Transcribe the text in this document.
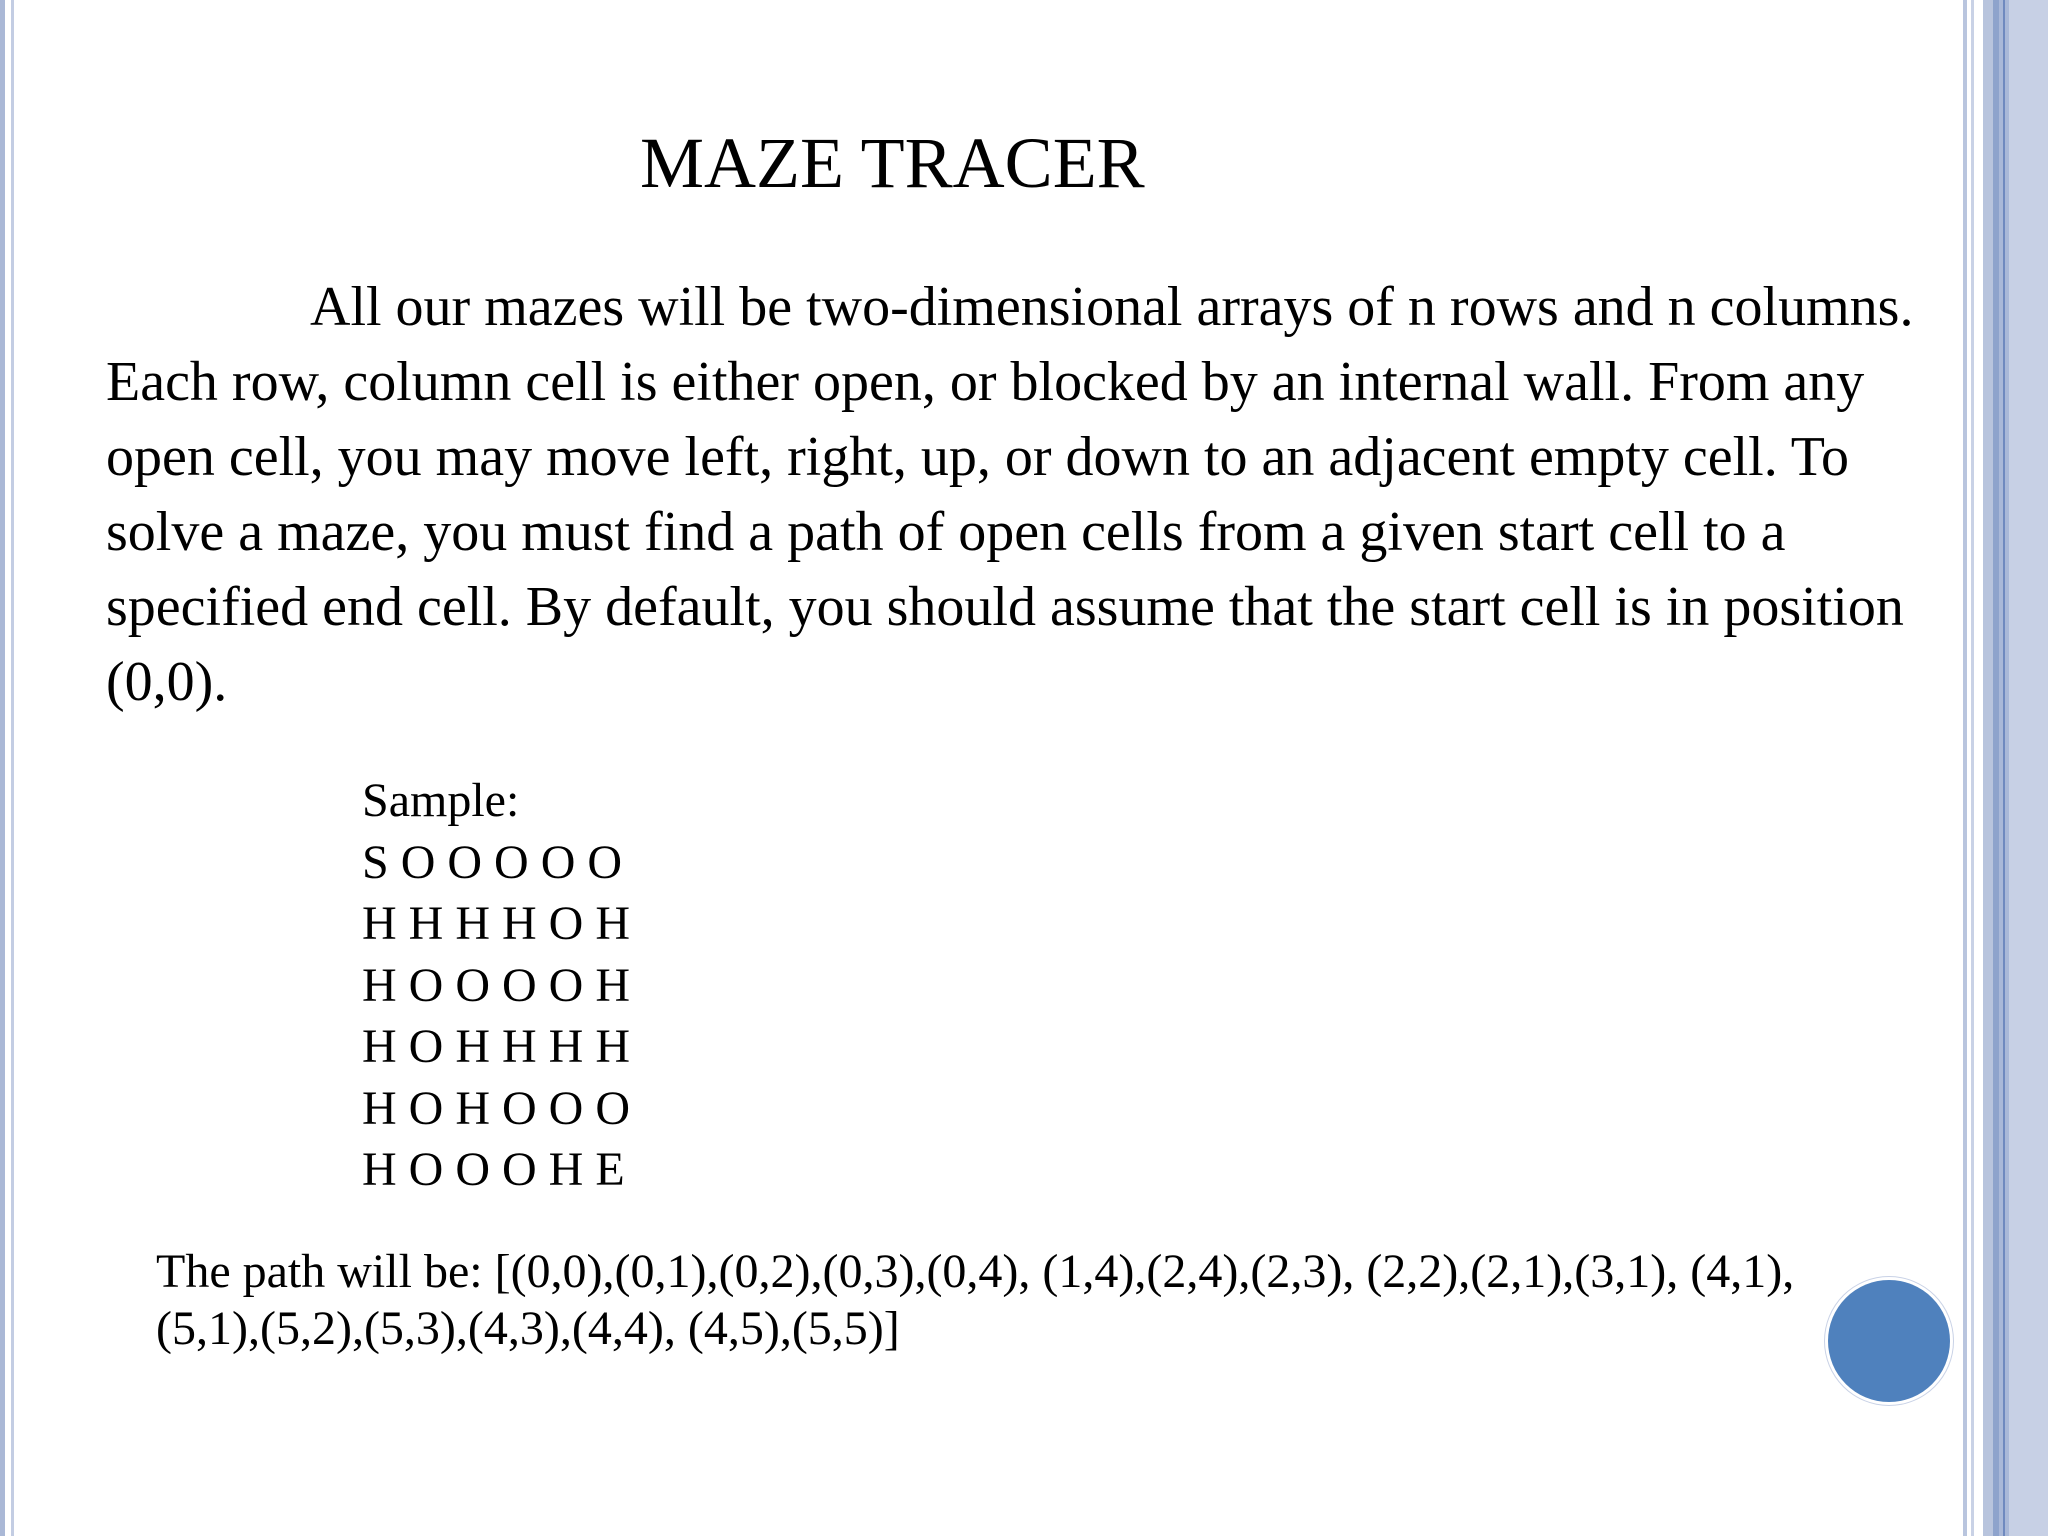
MAZE TRACER
All our mazes will be two-dimensional arrays of n rows and n columns. Each row, column cell is either open, or blocked by an internal wall. From any open cell, you may move left, right, up, or down to an adjacent empty cell. To solve a maze, you must find a path of open cells from a given start cell to a specified end cell. By default, you should assume that the start cell is in position (0,0).
Sample:
S O O O O O
H H H H O H
H O O O O H
H O H H H H
H O H O O O
H O O O H E
The path will be: [(0,0),(0,1),(0,2),(0,3),(0,4), (1,4),(2,4),(2,3), (2,2),(2,1),(3,1), (4,1),(5,1),(5,2),(5,3),(4,3),(4,4), (4,5),(5,5)]
